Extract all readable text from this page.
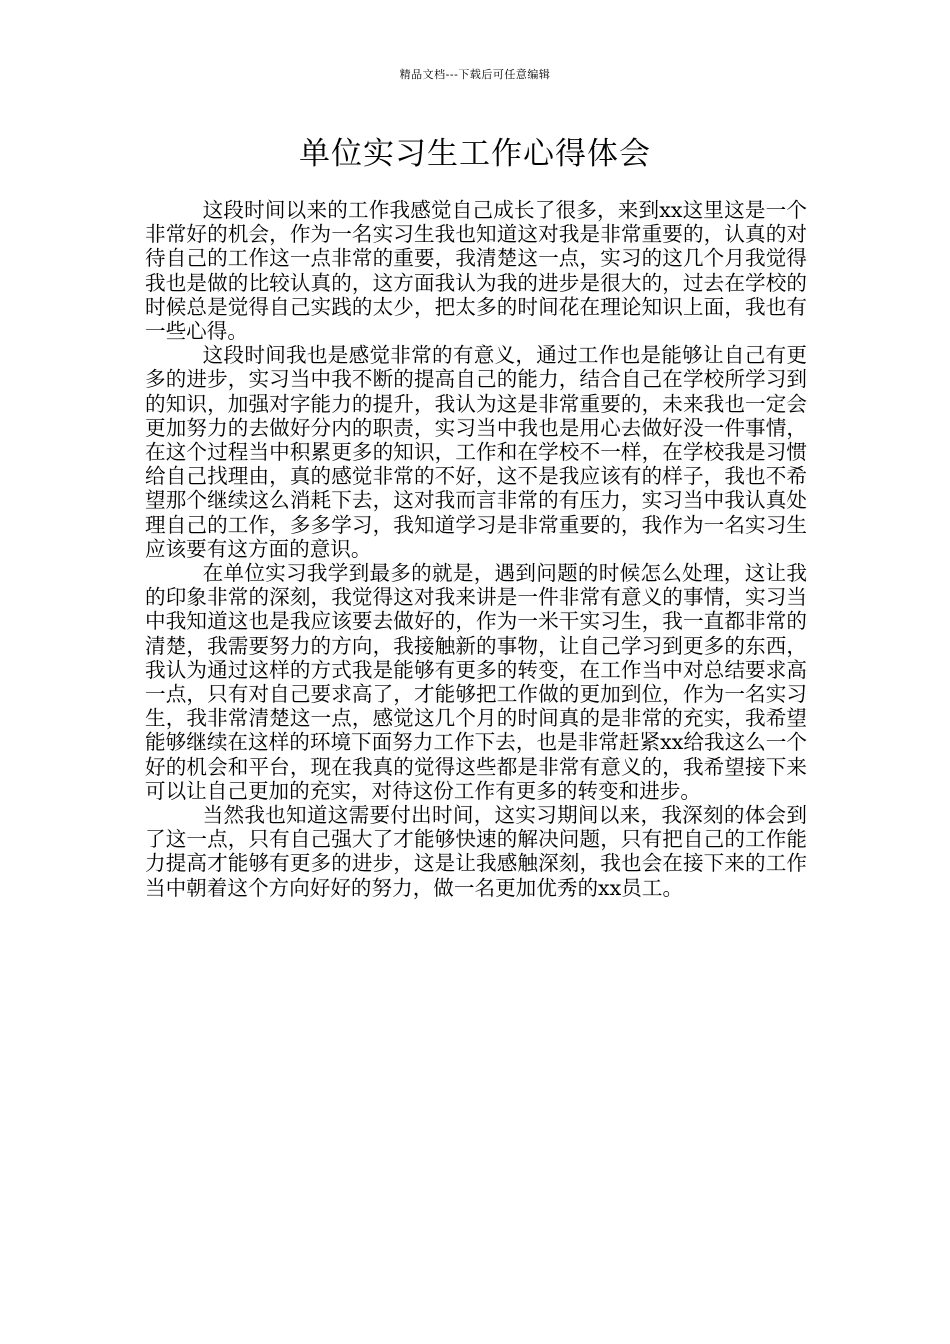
精品文档---下载后可任意编辑
单位实习生工作心得体会

这段时间以来的工作我感觉自己成长了很多，来到xx这里这是一个非常好的机会，作为一名实习生我也知道这对我是非常重要的，认真的对待自己的工作这一点非常的重要，我清楚这一点，实习的这几个月我觉得我也是做的比较认真的，这方面我认为我的进步是很大的，过去在学校的时候总是觉得自己实践的太少，把太多的时间花在理论知识上面，我也有一些心得。

这段时间我也是感觉非常的有意义，通过工作也是能够让自己有更多的进步，实习当中我不断的提高自己的能力，结合自己在学校所学习到的知识，加强对字能力的提升，我认为这是非常重要的，未来我也一定会更加努力的去做好分内的职责，实习当中我也是用心去做好没一件事情，在这个过程当中积累更多的知识，工作和在学校不一样，在学校我是习惯给自己找理由，真的感觉非常的不好，这不是我应该有的样子，我也不希望那个继续这么消耗下去，这对我而言非常的有压力，实习当中我认真处理自己的工作，多多学习，我知道学习是非常重要的，我作为一名实习生应该要有这方面的意识。

在单位实习我学到最多的就是，遇到问题的时候怎么处理，这让我的印象非常的深刻，我觉得这对我来讲是一件非常有意义的事情，实习当中我知道这也是我应该要去做好的，作为一米干实习生，我一直都非常的清楚，我需要努力的方向，我接触新的事物，让自己学习到更多的东西，我认为通过这样的方式我是能够有更多的转变，在工作当中对总结要求高一点，只有对自己要求高了，才能够把工作做的更加到位，作为一名实习生，我非常清楚这一点，感觉这几个月的时间真的是非常的充实，我希望能够继续在这样的环境下面努力工作下去，也是非常赶紧xx给我这么一个好的机会和平台，现在我真的觉得这些都是非常有意义的，我希望接下来可以让自己更加的充实，对待这份工作有更多的转变和进步。

当然我也知道这需要付出时间，这实习期间以来，我深刻的体会到了这一点，只有自己强大了才能够快速的解决问题，只有把自己的工作能力提高才能够有更多的进步，这是让我感触深刻，我也会在接下来的工作当中朝着这个方向好好的努力，做一名更加优秀的xx员工。
